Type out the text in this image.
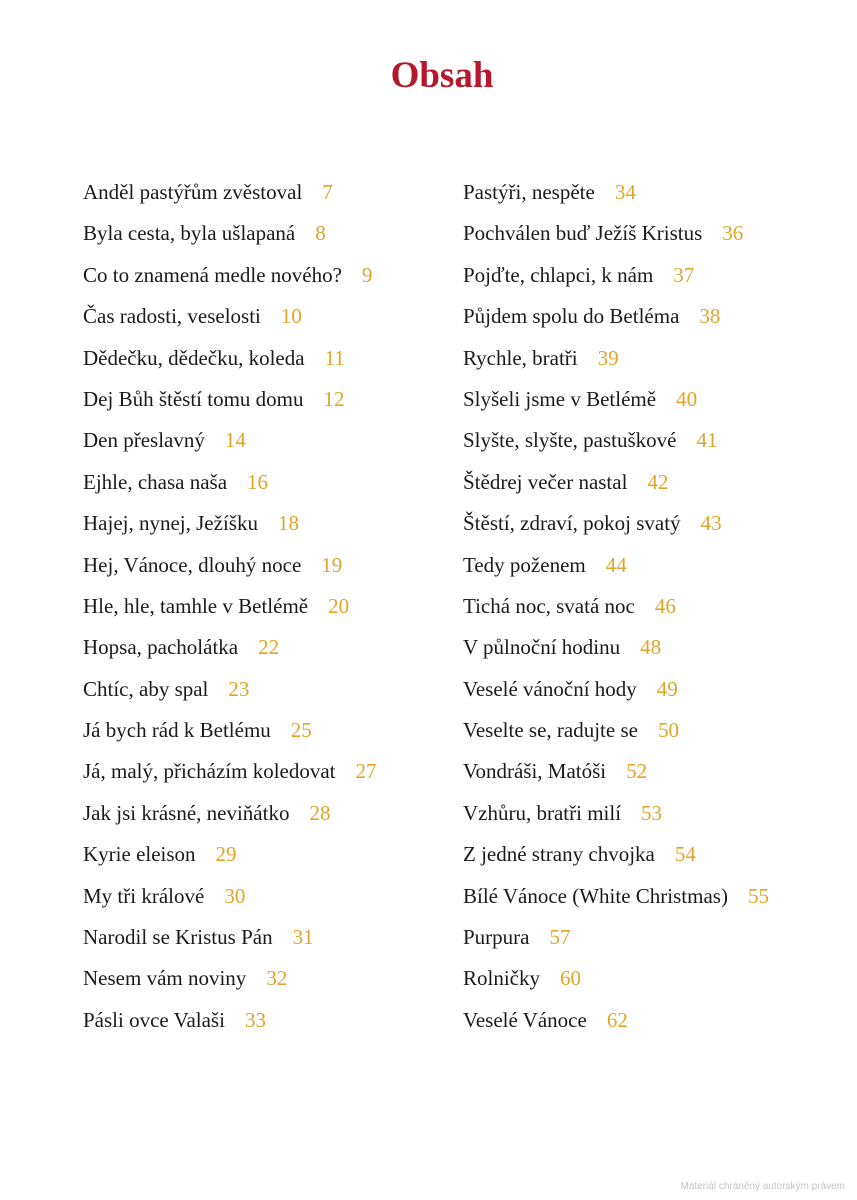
Obsah
Anděl pastýřům zvěstoval 7
Byla cesta, byla ušlapaná 8
Co to znamená medle nového? 9
Čas radosti, veselosti 10
Dědečku, dědečku, koleda 11
Dej Bůh štěstí tomu domu 12
Den přeslavný 14
Ejhle, chasa naša 16
Hajej, nynej, Ježíšku 18
Hej, Vánoce, dlouhý noce 19
Hle, hle, tamhle v Betlémě 20
Hopsa, pacholátka 22
Chtíc, aby spal 23
Já bych rád k Betlému 25
Já, malý, přicházím koledovat 27
Jak jsi krásné, neviňátko 28
Kyrie eleison 29
My tři králové 30
Narodil se Kristus Pán 31
Nesem vám noviny 32
Pásli ovce Valaši 33
Pastýři, nespěte 34
Pochválen buď Ježíš Kristus 36
Pojďte, chlapci, k nám 37
Půjdem spolu do Betléma 38
Rychle, bratři 39
Slyšeli jsme v Betlémě 40
Slyšte, slyšte, pastuškové 41
Štědrej večer nastal 42
Štěstí, zdraví, pokoj svatý 43
Tedy poženem 44
Tichá noc, svatá noc 46
V půlnoční hodinu 48
Veselé vánoční hody 49
Veselte se, radujte se 50
Vondráši, Matóši 52
Vzhůru, bratři milí 53
Z jedné strany chvojka 54
Bílé Vánoce (White Christmas) 55
Purpura 57
Rolničky 60
Veselé Vánoce 62
Materiál chráněný autorským právem
